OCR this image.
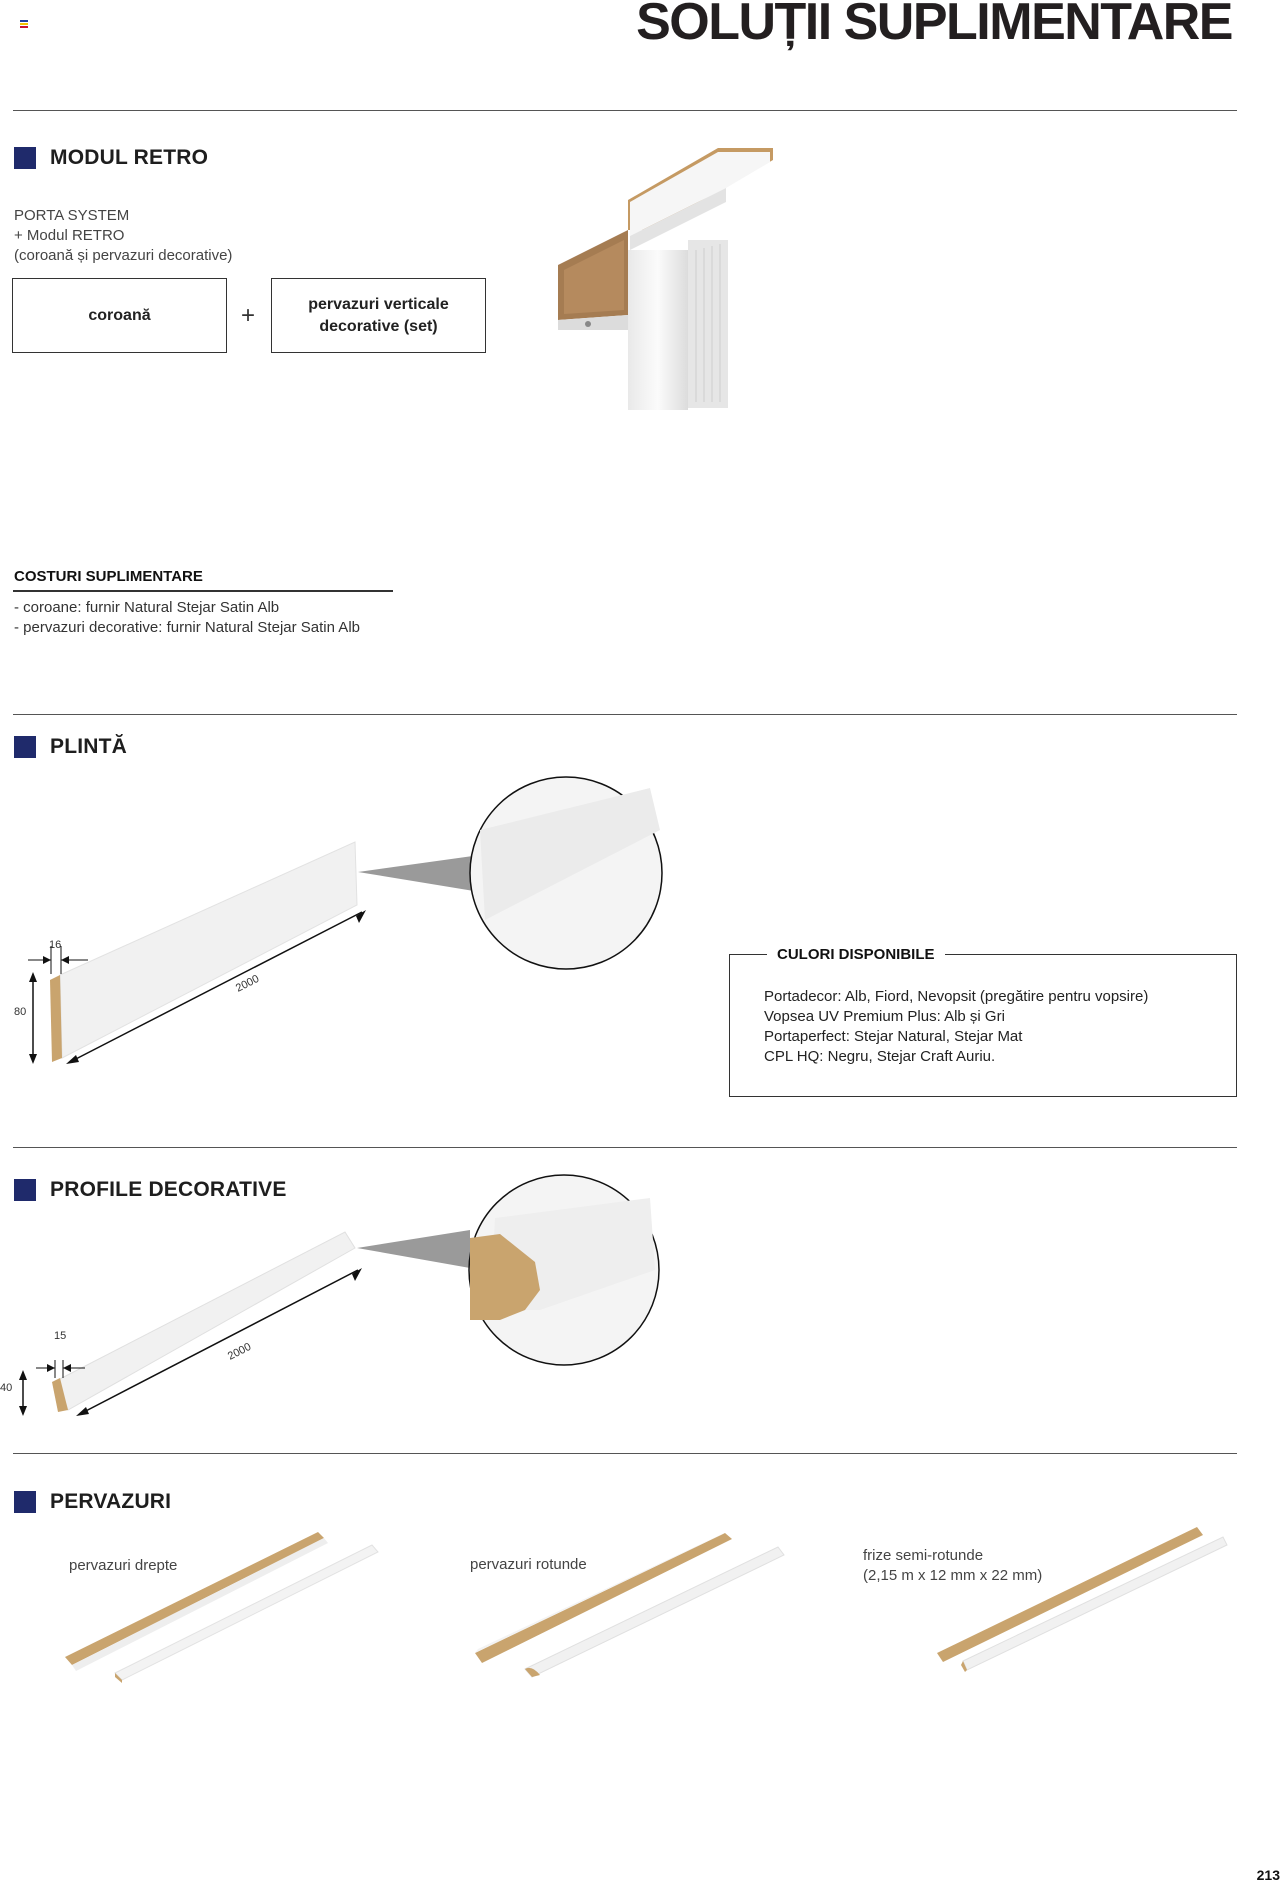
SOLUȚII SUPLIMENTARE
MODUL RETRO
PORTA SYSTEM
+ Modul RETRO
(coroană și pervazuri decorative)
coroană	+	pervazuri verticale
decorative (set)
COSTURI SUPLIMENTARE
- coroane: furnir Natural Stejar Satin Alb
- pervazuri decorative: furnir Natural Stejar Satin Alb
PLINTĂ
2000
16
80
CULORI DISPONIBILE
Portadecor: Alb, Fiord, Nevopsit (pregătire pentru vopsire)
Vopsea UV Premium Plus: Alb și Gri
Portaperfect: Stejar Natural, Stejar Mat
CPL HQ: Negru, Stejar Craft Auriu.
PROFILE DECORATIVE
2000
15
40
PERVAZURI
pervazuri drepte	pervazuri rotunde
frize semi-rotunde
(2,15 m x 12 mm x 22 mm)
213
